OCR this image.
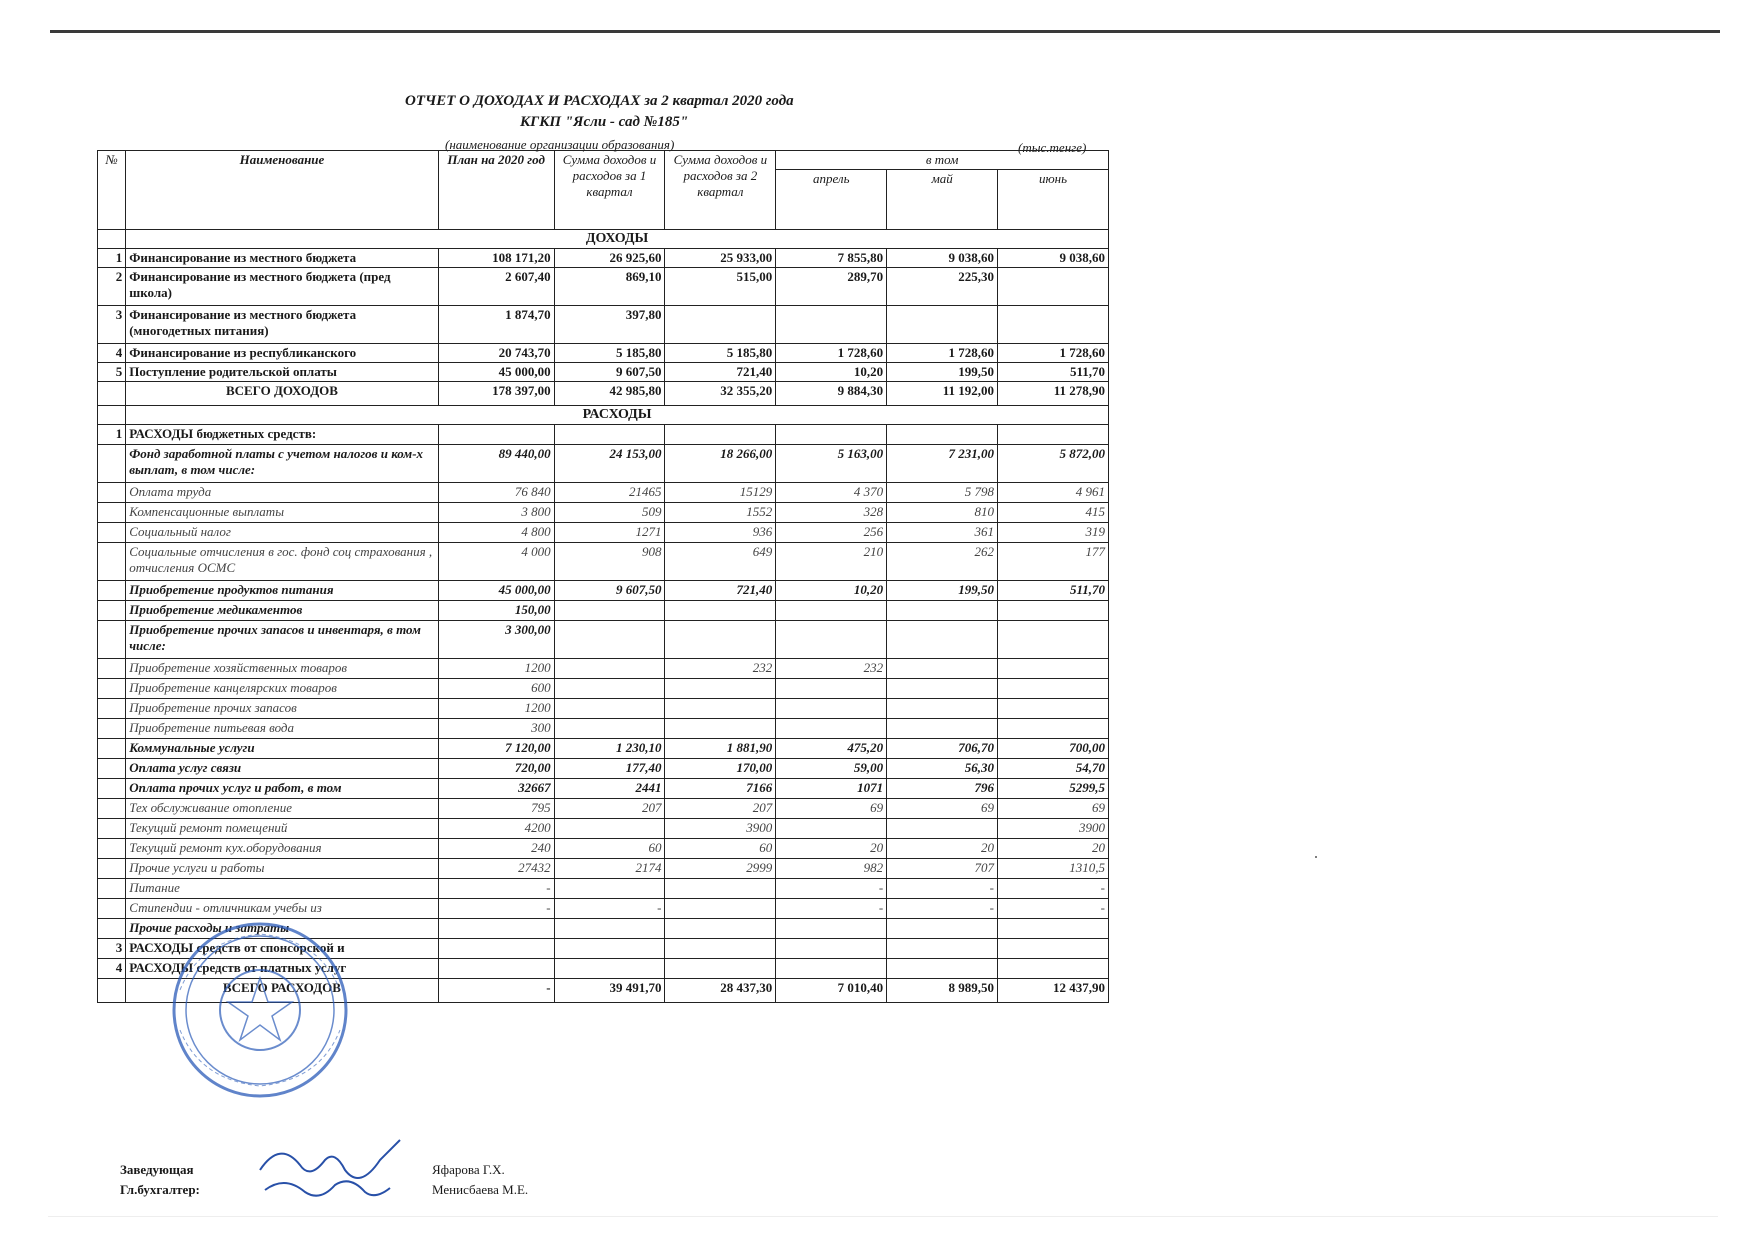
ОТЧЕТ О ДОХОДАХ И РАСХОДАХ за 2 квартал 2020 года
КГКП "Ясли - сад №185"
(наименование организации образования)	(тыс.тенге)
№	Наименование	План на 2020 год	Сумма доходов и расходов за 1 квартал	Сумма доходов и расходов за 2 квартал	в том		
					апрель	май	июнь
	ДОХОДЫ						
1	Финансирование из местного бюджета	108 171,20	26 925,60	25 933,00	7 855,80	9 038,60	9 038,60
2	Финансирование из местного бюджета (пред школа)	2 607,40	869,10	515,00	289,70	225,30	
3	Финансирование из местного бюджета (многодетных питания)	1 874,70	397,80				
4	Финансирование из республиканского	20 743,70	5 185,80	5 185,80	1 728,60	1 728,60	1 728,60
5	Поступление родительской оплаты	45 000,00	9 607,50	721,40	10,20	199,50	511,70
	ВСЕГО ДОХОДОВ	178 397,00	42 985,80	32 355,20	9 884,30	11 192,00	11 278,90
	РАСХОДЫ						
1	РАСХОДЫ бюджетных средств:						
	Фонд заработной платы с учетом налогов и ком-х выплат, в том числе:	89 440,00	24 153,00	18 266,00	5 163,00	7 231,00	5 872,00
	Оплата труда	76 840	21465	15129	4 370	5 798	4 961
	Компенсационные выплаты	3 800	509	1552	328	810	415
	Социальный налог	4 800	1271	936	256	361	319
	Социальные отчисления в гос. фонд соц страхования , отчисления ОСМС	4 000	908	649	210	262	177
	Приобретение продуктов питания	45 000,00	9 607,50	721,40	10,20	199,50	511,70
	Приобретение медикаментов	150,00					
	Приобретение прочих запасов и инвентаря, в том числе:	3 300,00					
	Приобретение хозяйственных товаров	1200		232	232		
	Приобретение канцелярских товаров	600					
	Приобретение прочих запасов	1200					
	Приобретение питьевая вода	300					
	Коммунальные услуги	7 120,00	1 230,10	1 881,90	475,20	706,70	700,00
	Оплата услуг связи	720,00	177,40	170,00	59,00	56,30	54,70
	Оплата прочих услуг и работ, в том	32667	2441	7166	1071	796	5299,5
	Тех обслуживание отопление	795	207	207	69	69	69
	Текущий ремонт помещений	4200		3900			3900
	Текущий ремонт кух.оборудования	240	60	60	20	20	20
	Прочие услуги и работы	27432	2174	2999	982	707	1310,5
	Питание	-			-	-	-
	Стипендии - отличникам учебы из	-	-		-	-	-
	Прочие расходы и затраты						
3	РАСХОДЫ средств от спонсорской и						
4	РАСХОДЫ средств от платных услуг						
	ВСЕГО РАСХОДОВ	-	39 491,70	28 437,30	7 010,40	8 989,50	12 437,90
Заведующая
Гл.бухгалтер:
Яфарова Г.Х.
Менисбаева М.Е.
